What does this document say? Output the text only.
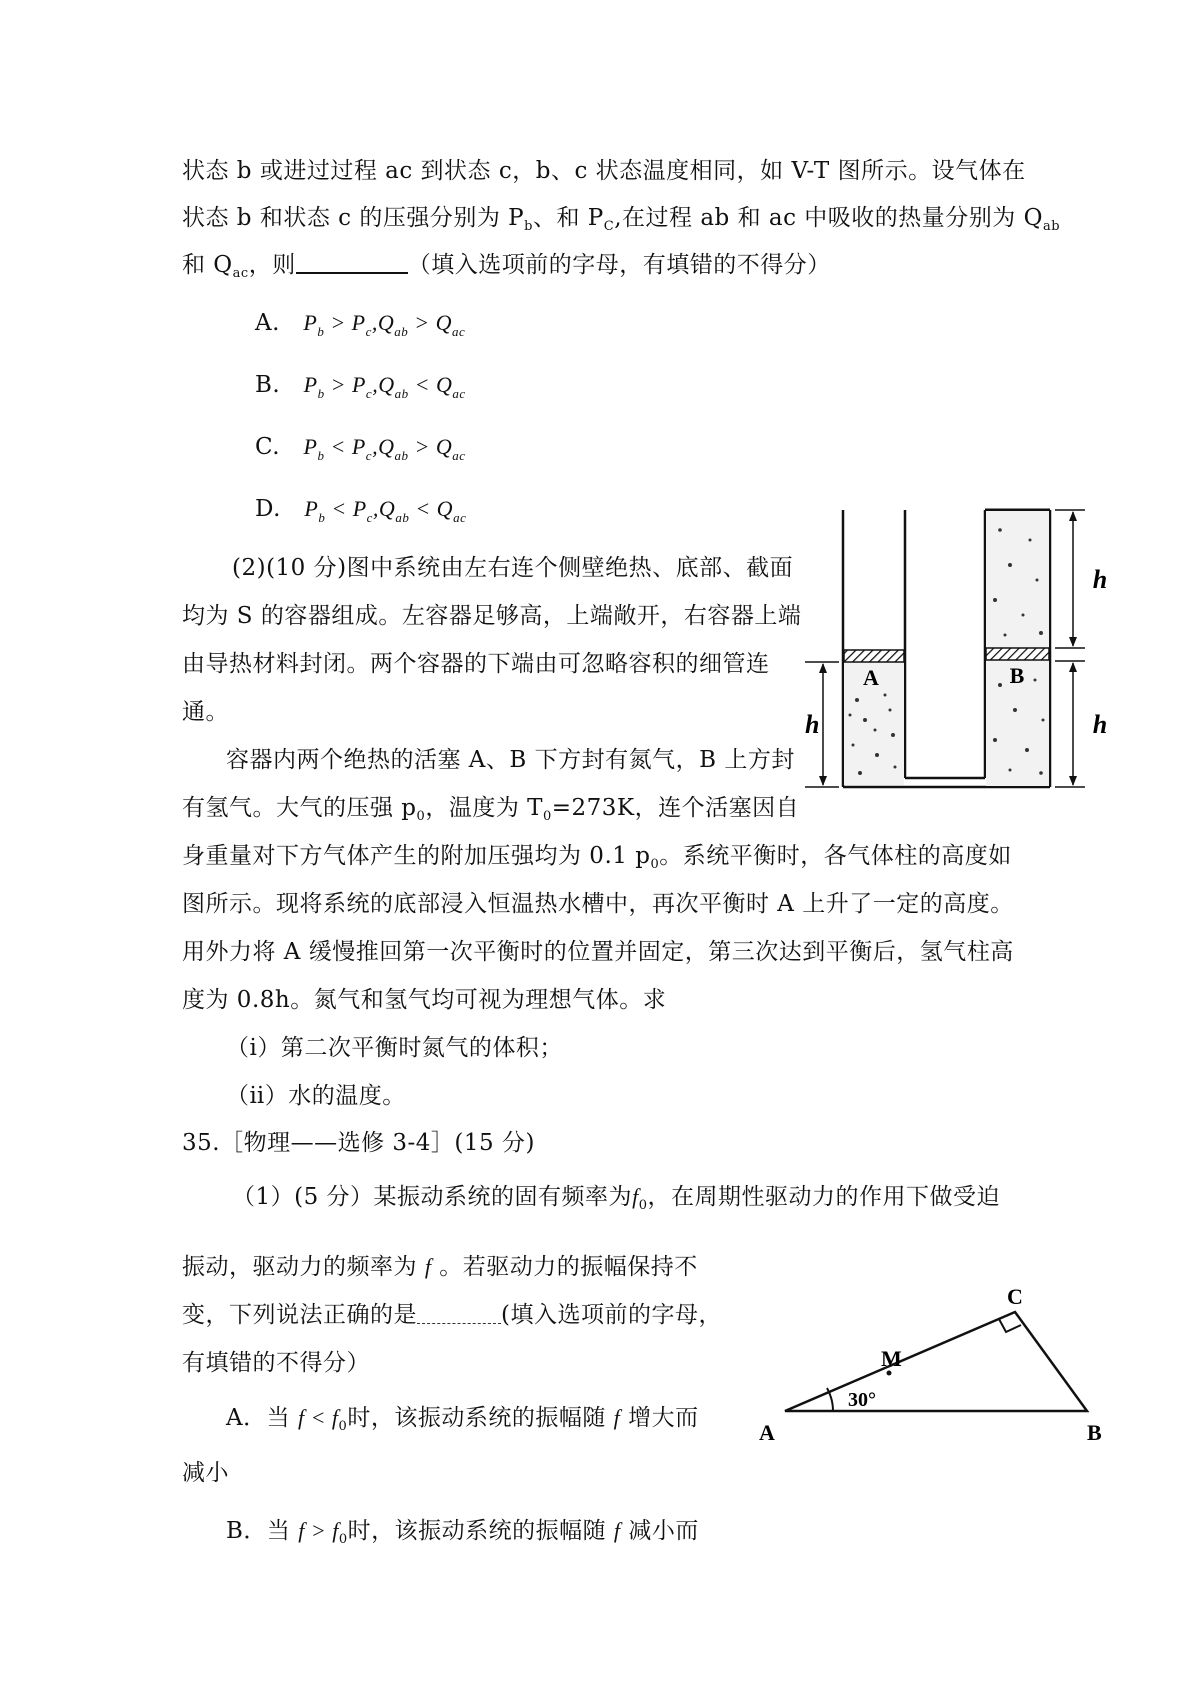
状态 b 或进过过程 ac 到状态 c，b、c 状态温度相同，如 V-T 图所示。设气体在
状态 b 和状态 c 的压强分别为 $P_b$、和 $P_C$,在过程 ab 和 ac 中吸收的热量分别为 $Q_{ab}$
和 $Q_{ac}$，则	（填入选项前的字母，有填错的不得分）
A. $P_b > P_c,Q_{ab} > Q_{ac}$
B. $P_b > P_c,Q_{ab} < Q_{ac}$
C. $P_b < P_c,Q_{ab} > Q_{ac}$
D. $P_b < P_c,Q_{ab} < Q_{ac}$
(2)(10 分)图中系统由左右连个侧壁绝热、底部、截面
均为 S 的容器组成。左容器足够高，上端敞开，右容器上端
由导热材料封闭。两个容器的下端由可忽略容积的细管连
通。
容器内两个绝热的活塞 A、B 下方封有氮气，B 上方封
有氢气。大气的压强 $p_0$，温度为 $T_0=273K$，连个活塞因自
身重量对下方气体产生的附加压强均为 0.1 $p_0$。系统平衡时，各气体柱的高度如
图所示。现将系统的底部浸入恒温热水槽中，再次平衡时 A 上升了一定的高度。
用外力将 A 缓慢推回第一次平衡时的位置并固定，第三次达到平衡后，氢气柱高
度为 0.8h。氮气和氢气均可视为理想气体。求
（ⅰ）第二次平衡时氮气的体积；
（ⅱ）水的温度。
35.［物理——选修 3-4］(15 分)
（1）(5 分）某振动系统的固有频率为$f_0$，在周期性驱动力的作用下做受迫
振动，驱动力的频率为 f 。若驱动力的振幅保持不
变，下列说法正确的是	(填入选项前的字母，
有填错的不得分）
A．当 $f < f_0$时，该振动系统的振幅随 f 增大而
减小
B．当 $f > f_0$时，该振动系统的振幅随 f 减小而
A	B
h
h
h
30°
M
A	B
C
